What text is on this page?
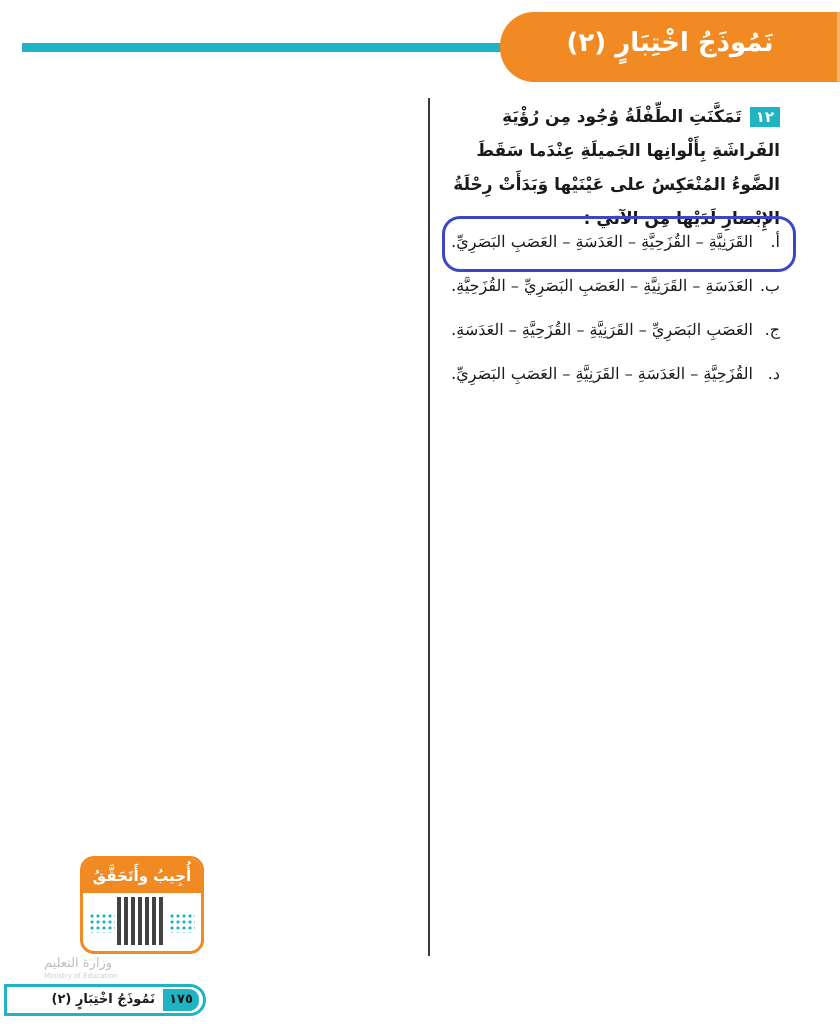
نَمُوذَجُ اخْتِبَارٍ (٢)
١٢تَمَكَّنَتِ الطِّفْلَةُ وُجُود مِن رُؤْيَةِ الفَراشَةِ بِأَلْوانِها الجَميلَةِ عِنْدَما سَقَطَ الضَّوءُ المُنْعَكِسُ على عَيْنَيْها وَبَدَأَتْ رِحْلَةُ الإِبْصارِ لَدَيْها مِن الآتي :
أ. القَرَنِيَّةِ – القُزَحِيَّةِ – العَدَسَةِ – العَصَبِ البَصَرِيِّ.
ب. العَدَسَةِ – القَرَنِيَّةِ – العَصَبِ البَصَرِيِّ – القُزَحِيَّةِ.
ج. العَصَبِ البَصَرِيِّ – القَرَنِيَّةِ – القُزَحِيَّةِ – العَدَسَةِ.
د. القُزَحِيَّةِ – العَدَسَةِ – القَرَنِيَّةِ – العَصَبِ البَصَرِيِّ.
أُجِيبُ وأَتَحَقَّقُ
وزارة التعليم
Ministry of Education
١٧٥
نَمُوذَجُ اخْتِبَارٍ (٢)
